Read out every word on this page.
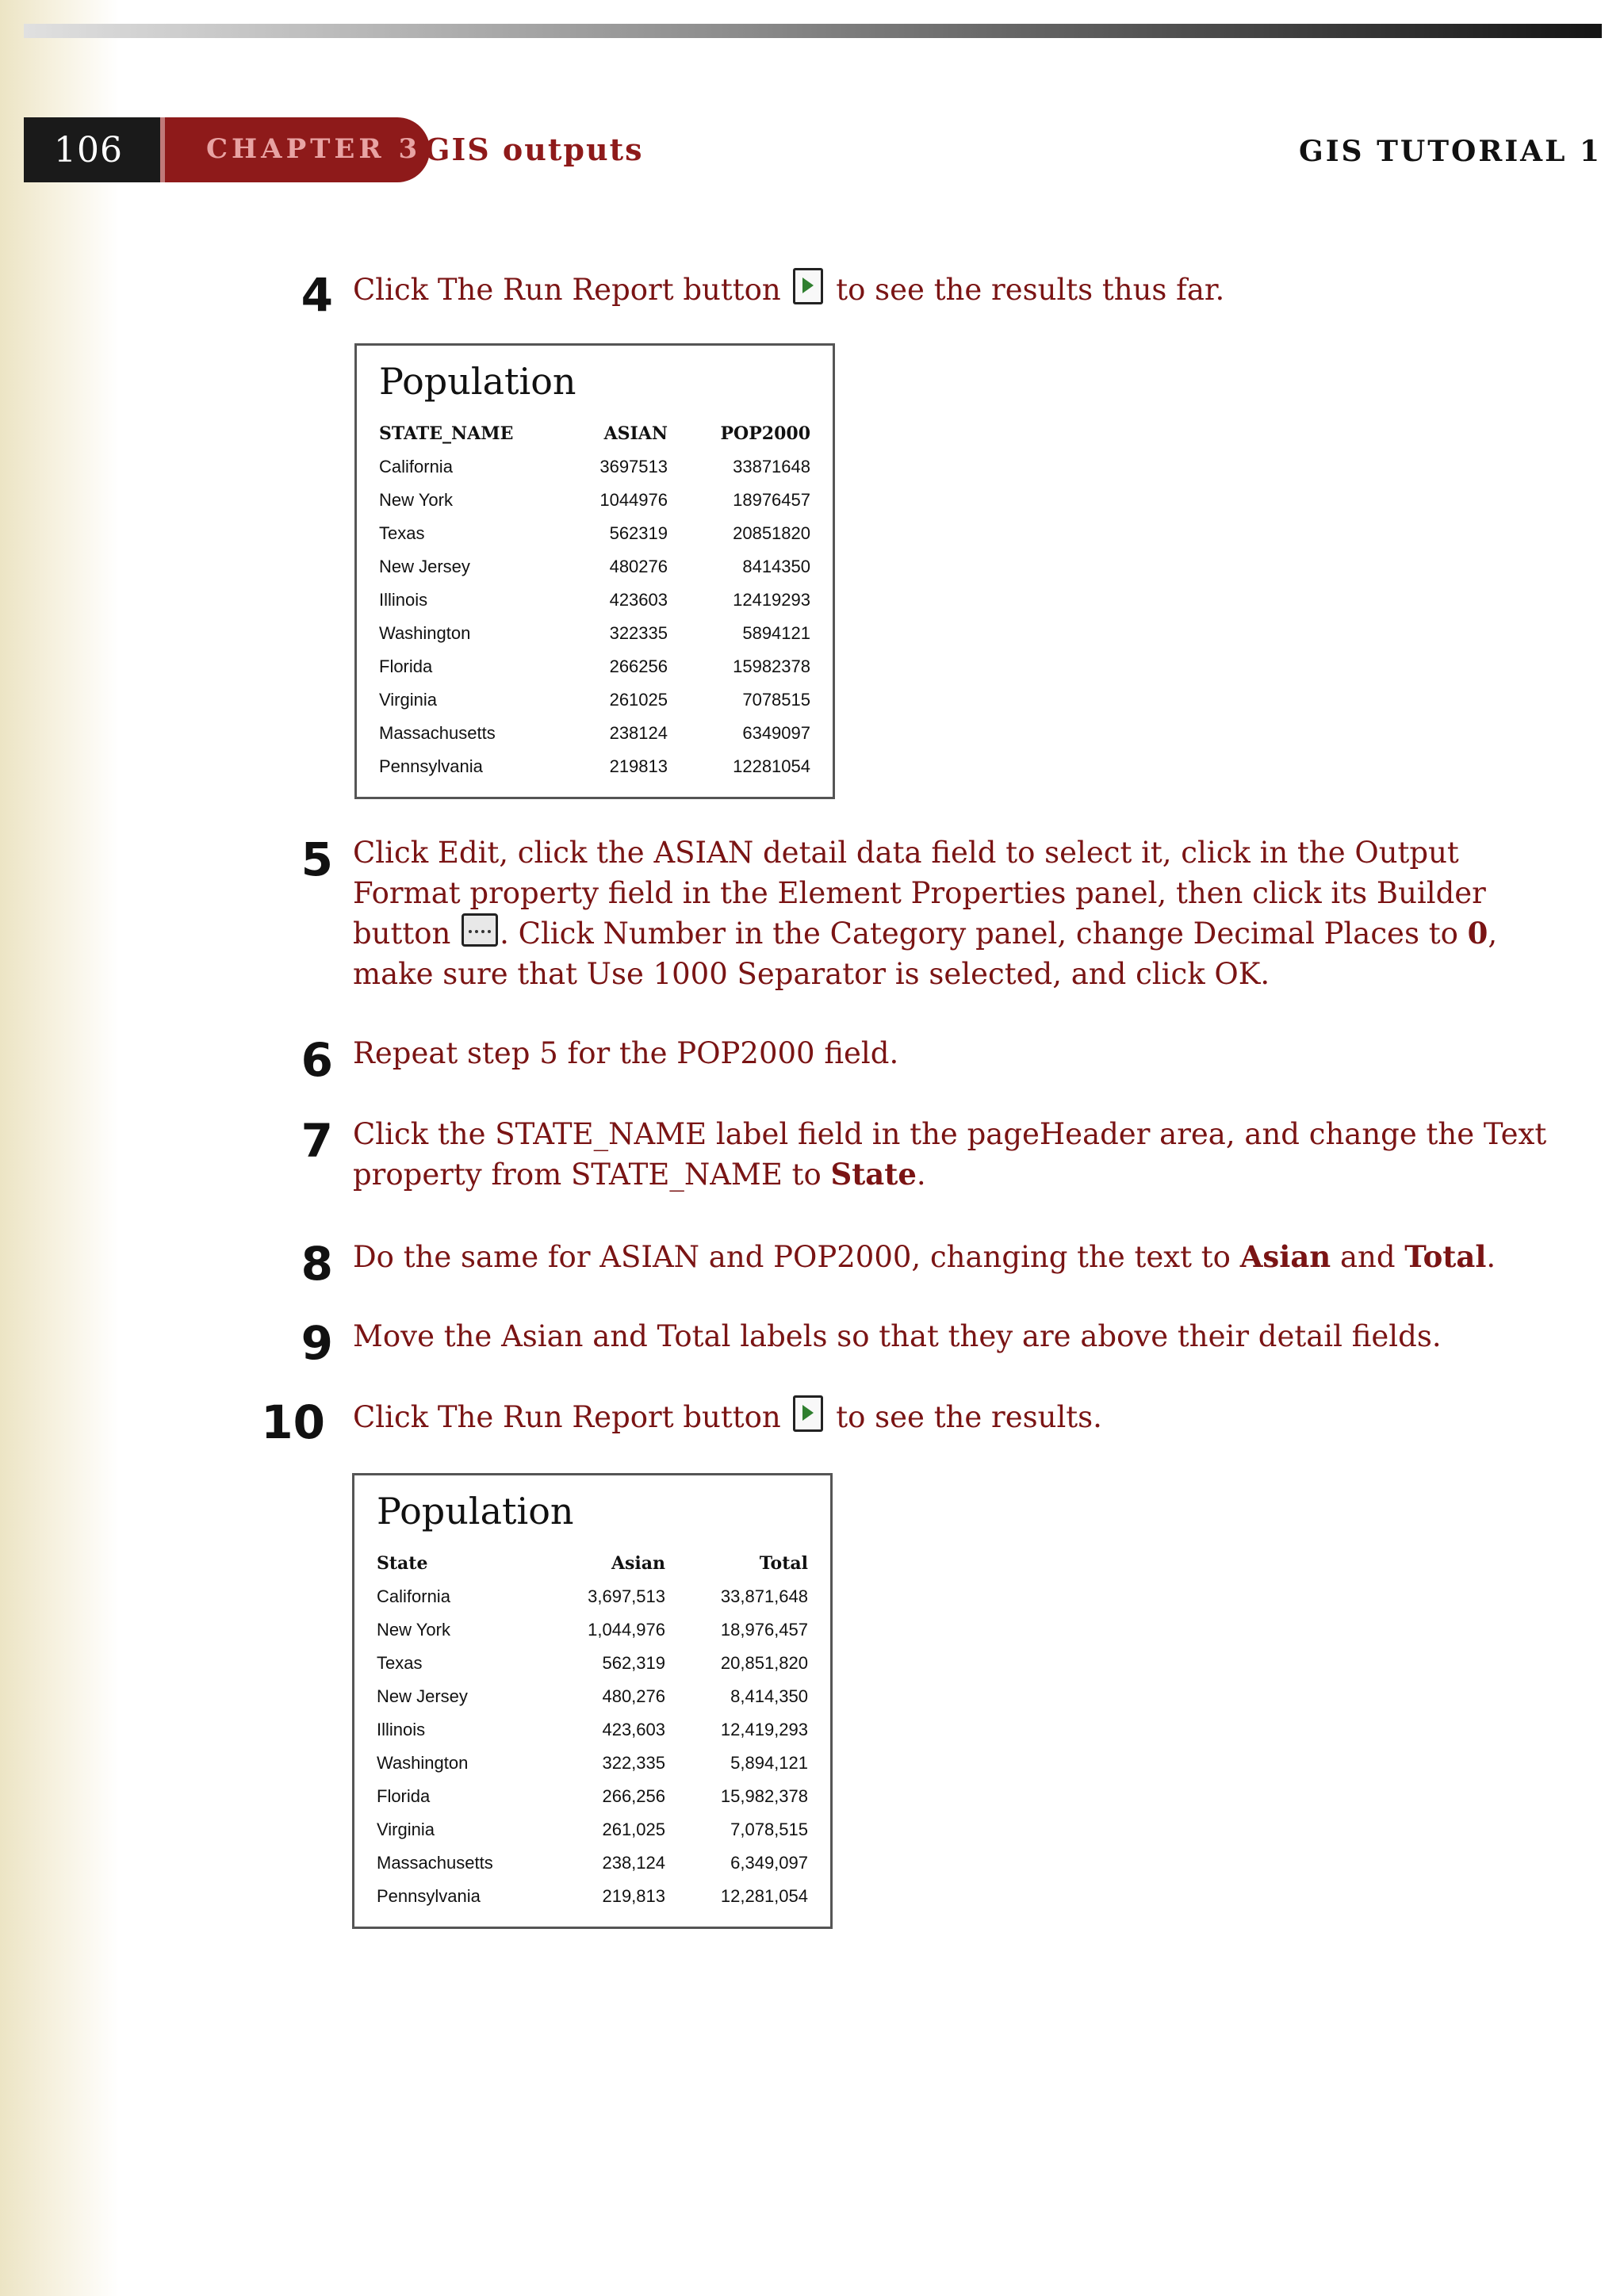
106	CHAPTER 3 GIS outputs	GIS TUTORIAL 1
4 Click The Run Report button  to see the results thus far.
Population
STATE_NAME	ASIAN	POP2000
California	3697513	33871648
New York	1044976	18976457
Texas	562319	20851820
New Jersey	480276	8414350
Illinois	423603	12419293
Washington	322335	5894121
Florida	266256	15982378
Virginia	261025	7078515
Massachusetts	238124	6349097
Pennsylvania	219813	12281054
5 Click Edit, click the ASIAN detail data field to select it, click in the Output Format property field in the Element Properties panel, then click its Builder button . Click Number in the Category panel, change Decimal Places to 0, make sure that Use 1000 Separator is selected, and click OK.
6 Repeat step 5 for the POP2000 field.
7 Click the STATE_NAME label field in the pageHeader area, and change the Text property from STATE_NAME to State.
8 Do the same for ASIAN and POP2000, changing the text to Asian and Total.
9 Move the Asian and Total labels so that they are above their detail fields.
10 Click The Run Report button  to see the results.
Population
State	Asian	Total
California	3,697,513	33,871,648
New York	1,044,976	18,976,457
Texas	562,319	20,851,820
New Jersey	480,276	8,414,350
Illinois	423,603	12,419,293
Washington	322,335	5,894,121
Florida	266,256	15,982,378
Virginia	261,025	7,078,515
Massachusetts	238,124	6,349,097
Pennsylvania	219,813	12,281,054
